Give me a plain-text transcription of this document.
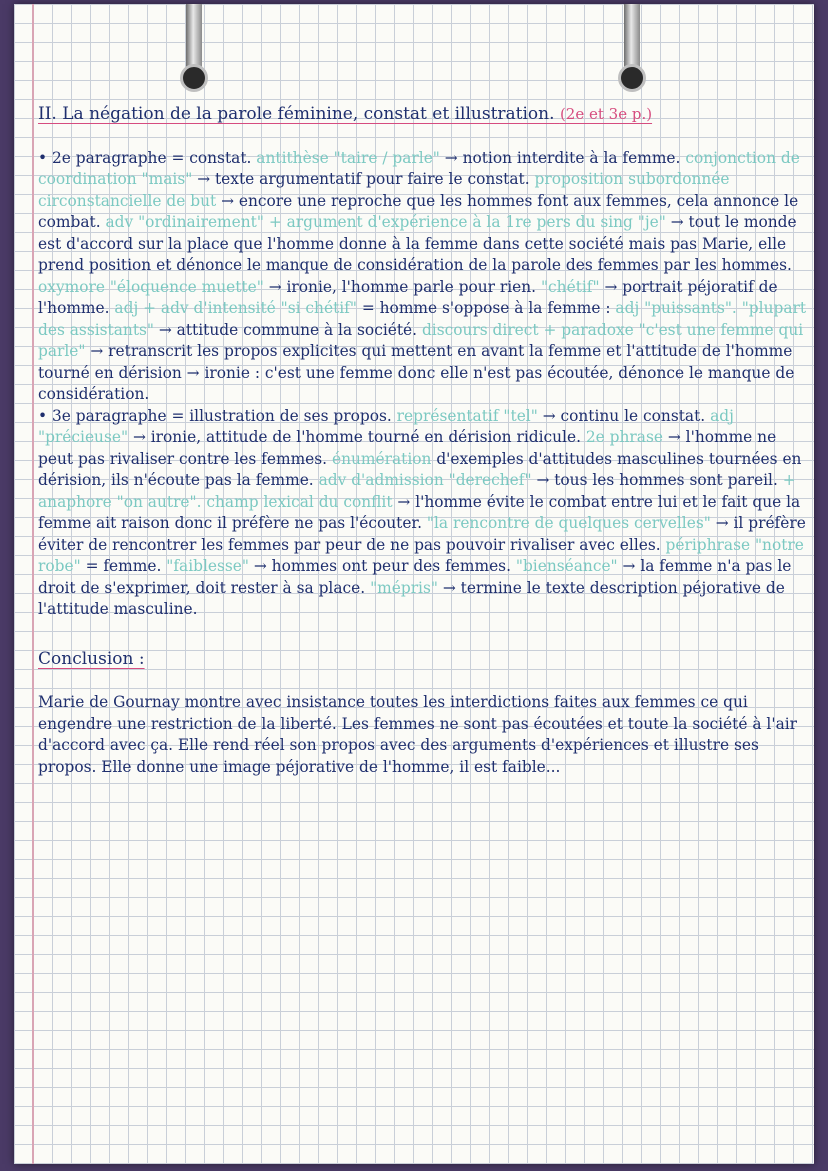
II. La négation de la parole féminine, constat et illustration. (2e et 3e p.)

• 2e paragraphe = constat. antithèse "taire / parle" → notion interdite à la femme. conjonction de coordination "mais" → texte argumentatif pour faire le constat. proposition subordonnée circonstancielle de but → encore une reproche que les hommes font aux femmes, cela annonce le combat. adv "ordinairement" + argument d'expérience à la 1re pers du sing "je" → tout le monde est d'accord sur la place que l'homme donne à la femme dans cette société mais pas Marie, elle prend position et dénonce le manque de considération de la parole des femmes par les hommes. oxymore "éloquence muette" → ironie, l'homme parle pour rien. "chétif" → portrait péjoratif de l'homme. adj + adv d'intensité "si chétif" = homme s'oppose à la femme : adj "puissants". "plupart des assistants" → attitude commune à la société. discours direct + paradoxe "c'est une femme qui parle" → retranscrit les propos explicites qui mettent en avant la femme et l'attitude de l'homme tourné en dérision → ironie : c'est une femme donc elle n'est pas écoutée, dénonce le manque de considération.

• 3e paragraphe = illustration de ses propos. représentatif "tel" → continu le constat. adj "précieuse" → ironie, attitude de l'homme tourné en dérision ridicule. 2e phrase → l'homme ne peut pas rivaliser contre les femmes. énumération d'exemples d'attitudes masculines tournées en dérision, ils n'écoute pas la femme. adv d'admission "derechef" → tous les hommes sont pareil. + anaphore "on autre". champ lexical du conflit → l'homme évite le combat entre lui et le fait que la femme ait raison donc il préfère ne pas l'écouter. "la rencontre de quelques cervelles" → il préfère éviter de rencontrer les femmes par peur de ne pas pouvoir rivaliser avec elles. périphrase "notre robe" = femme. "faiblesse" → hommes ont peur des femmes. "bienséance" → la femme n'a pas le droit de s'exprimer, doit rester à sa place. "mépris" → termine le texte description péjorative de l'attitude masculine.

Conclusion :

Marie de Gournay montre avec insistance toutes les interdictions faites aux femmes ce qui engendre une restriction de la liberté. Les femmes ne sont pas écoutées et toute la société à l'air d'accord avec ça. Elle rend réel son propos avec des arguments d'expériences et illustre ses propos. Elle donne une image péjorative de l'homme, il est faible...
